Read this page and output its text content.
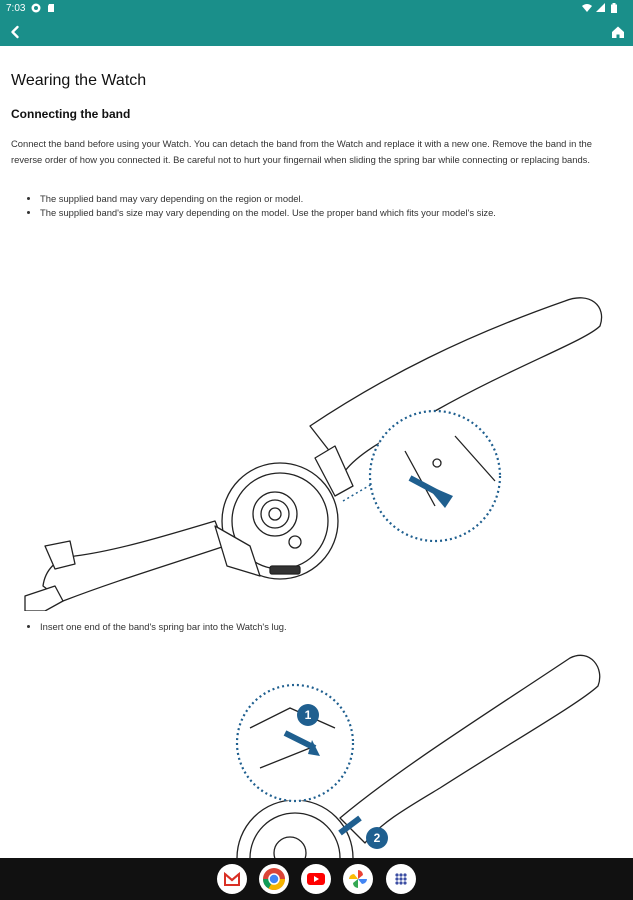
7:03
Wearing the Watch
Connecting the band

Connect the band before using your Watch. You can detach the band from the Watch and replace it with a new one. Remove the band in the reverse order of how you connected it. Be careful not to hurt your fingernail when sliding the spring bar while connecting or replacing bands.

• The supplied band may vary depending on the region or model.
• The supplied band's size may vary depending on the model. Use the proper band which fits your model's size.
• Insert one end of the band's spring bar into the Watch's lug.
1
2
